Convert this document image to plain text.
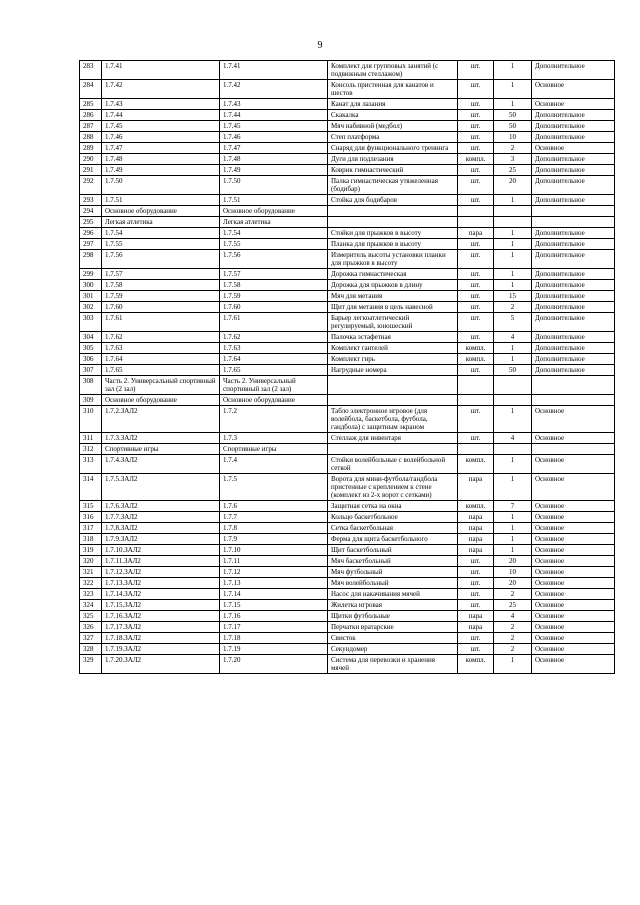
9
283	1.7.41	1.7.41	Комплект для групповых занятий (с подвижным стеллажом)	шт.	1	Дополнительное
284	1.7.42	1.7.42	Консоль пристенная для канатов и шестов	шт.	1	Основное
285	1.7.43	1.7.43	Канат для лазания	шт.	1	Основное
286	1.7.44	1.7.44	Скакалка	шт.	50	Дополнительное
287	1.7.45	1.7.45	Мяч набивной (медбол)	шт.	50	Дополнительное
288	1.7.46	1.7.46	Степ платформа	шт.	10	Дополнительное
289	1.7.47	1.7.47	Снаряд для функционального тренинга	шт.	2	Основное
290	1.7.48	1.7.48	Дуги для подлезания	компл.	3	Дополнительное
291	1.7.49	1.7.49	Коврик гимнастический	шт.	25	Дополнительное
292	1.7.50	1.7.50	Палка гимнастическая утяжеленная (бодибар)	шт.	20	Дополнительное
293	1.7.51	1.7.51	Стойка для бодибаров	шт.	1	Дополнительное
294	Основное оборудование	Основное оборудование				
295	Легкая атлетика	Легкая атлетика				
296	1.7.54	1.7.54	Стойки для прыжков в высоту	пара	1	Дополнительное
297	1.7.55	1.7.55	Планка для прыжков в высоту	шт.	1	Дополнительное
298	1.7.56	1.7.56	Измеритель высоты установки планки для прыжков в высоту	шт.	1	Дополнительное
299	1.7.57	1.7.57	Дорожка гимнастическая	шт.	1	Дополнительное
300	1.7.58	1.7.58	Дорожка для прыжков в длину	шт.	1	Дополнительное
301	1.7.59	1.7.59	Мяч для метания	шт.	15	Дополнительное
302	1.7.60	1.7.60	Щит для метания в цель навесной	шт.	2	Дополнительное
303	1.7.61	1.7.61	Барьер легкоатлетический регулируемый, юношеский	шт.	5	Дополнительное
304	1.7.62	1.7.62	Палочка эстафетная	шт.	4	Дополнительное
305	1.7.63	1.7.63	Комплект гантелей	компл.	1	Дополнительное
306	1.7.64	1.7.64	Комплект гирь	компл.	1	Дополнительное
307	1.7.65	1.7.65	Нагрудные номера	шт.	50	Дополнительное
308	Часть 2. Универсальный спортивный зал (2 зал)	Часть 2. Универсальный спортивный зал (2 зал)				
309	Основное оборудование	Основное оборудование				
310	1.7.2.ЗАЛ2	1.7.2	Табло электронное игровое (для волейбола, баскетбола, футбола, гандбола) с защитным экраном	шт.	1	Основное
311	1.7.3.ЗАЛ2	1.7.3	Стеллаж для инвентаря	шт.	4	Основное
312	Спортивные игры	Спортивные игры				
313	1.7.4.ЗАЛ2	1.7.4	Стойки волейбольные с волейбольной сеткой	компл.	1	Основное
314	1.7.5.ЗАЛ2	1.7.5	Ворота для мини-футбола/гандбола пристенные с креплением к стене (комплект из 2-х ворот с сетками)	пара	1	Основное
315	1.7.6.ЗАЛ2	1.7.6	Защитная сетка на окна	компл.	7	Основное
316	1.7.7.ЗАЛ2	1.7.7	Кольцо баскетбольное	пара	1	Основное
317	1.7.8.ЗАЛ2	1.7.8	Сетка баскетбольная	пара	1	Основное
318	1.7.9.ЗАЛ2	1.7.9	Ферма для щита баскетбольного	пара	1	Основное
319	1.7.10.ЗАЛ2	1.7.10	Щит баскетбольный	пара	1	Основное
320	1.7.11.ЗАЛ2	1.7.11	Мяч баскетбольный	шт.	20	Основное
321	1.7.12.ЗАЛ2	1.7.12	Мяч футбольный	шт.	10	Основное
322	1.7.13.ЗАЛ2	1.7.13	Мяч волейбольный	шт.	20	Основное
323	1.7.14.ЗАЛ2	1.7.14	Насос для накачивания мячей	шт.	2	Основное
324	1.7.15.ЗАЛ2	1.7.15	Жилетка игровая	шт.	25	Основное
325	1.7.16.ЗАЛ2	1.7.16	Щитки футбольные	пара	4	Основное
326	1.7.17.ЗАЛ2	1.7.17	Перчатки вратарские	пара	2	Основное
327	1.7.18.ЗАЛ2	1.7.18	Свисток	шт.	2	Основное
328	1.7.19.ЗАЛ2	1.7.19	Секундомер	шт.	2	Основное
329	1.7.20.ЗАЛ2	1.7.20	Система для перевозки и хранения мячей	компл.	1	Основное
